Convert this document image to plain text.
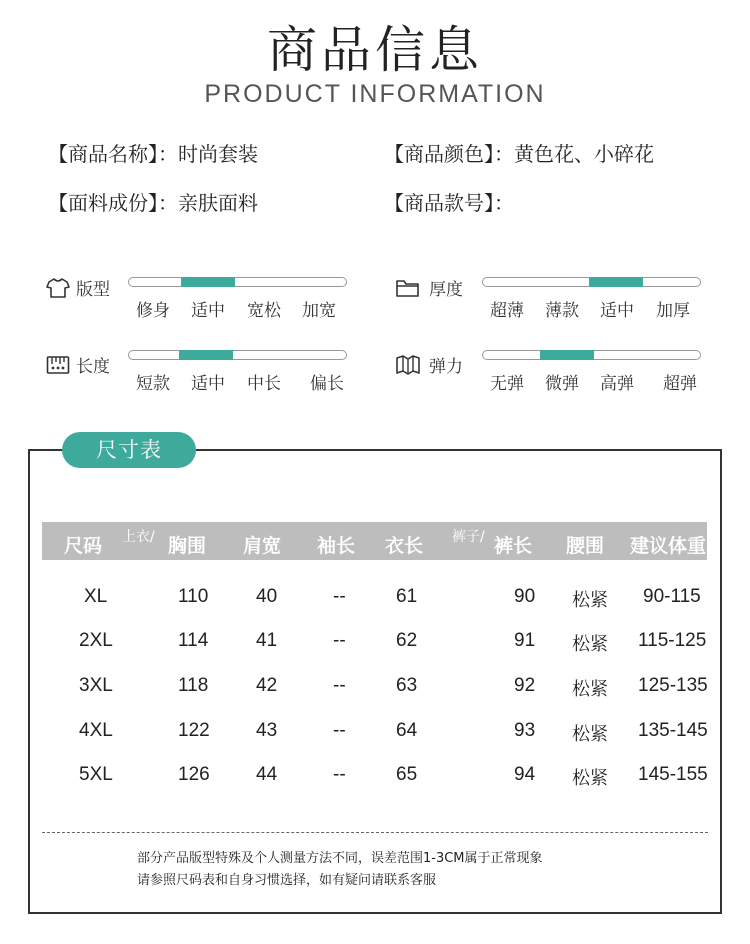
商品信息
PRODUCT INFORMATION
【商品名称】：时尚套装	【商品颜色】：黄色花、小碎花
【面料成份】：亲肤面料	【商品款号】：
版型
修身 适中 宽松 加宽
厚度
超薄 薄款 适中 加厚
长度
短款 适中 中长 偏长
弹力
无弹 微弹 高弹 超弹
尺寸表
尺码 上衣/ 胸围 肩宽 袖长 衣长 裤子/ 裤长 腰围 建议体重
XL	110	40	--	61	90 松紧 90-115
2XL	114	41	--	62	91 松紧 115-125
3XL	118	42	--	63	92 松紧 125-135
4XL	122 43	--	64	93 松紧 135-145
5XL	126 44	--	65	94 松紧 145-155
部分产品版型特殊及个人测量方法不同，误差范围1-3CM属于正常现象
请参照尺码表和自身习惯选择，如有疑问请联系客服
